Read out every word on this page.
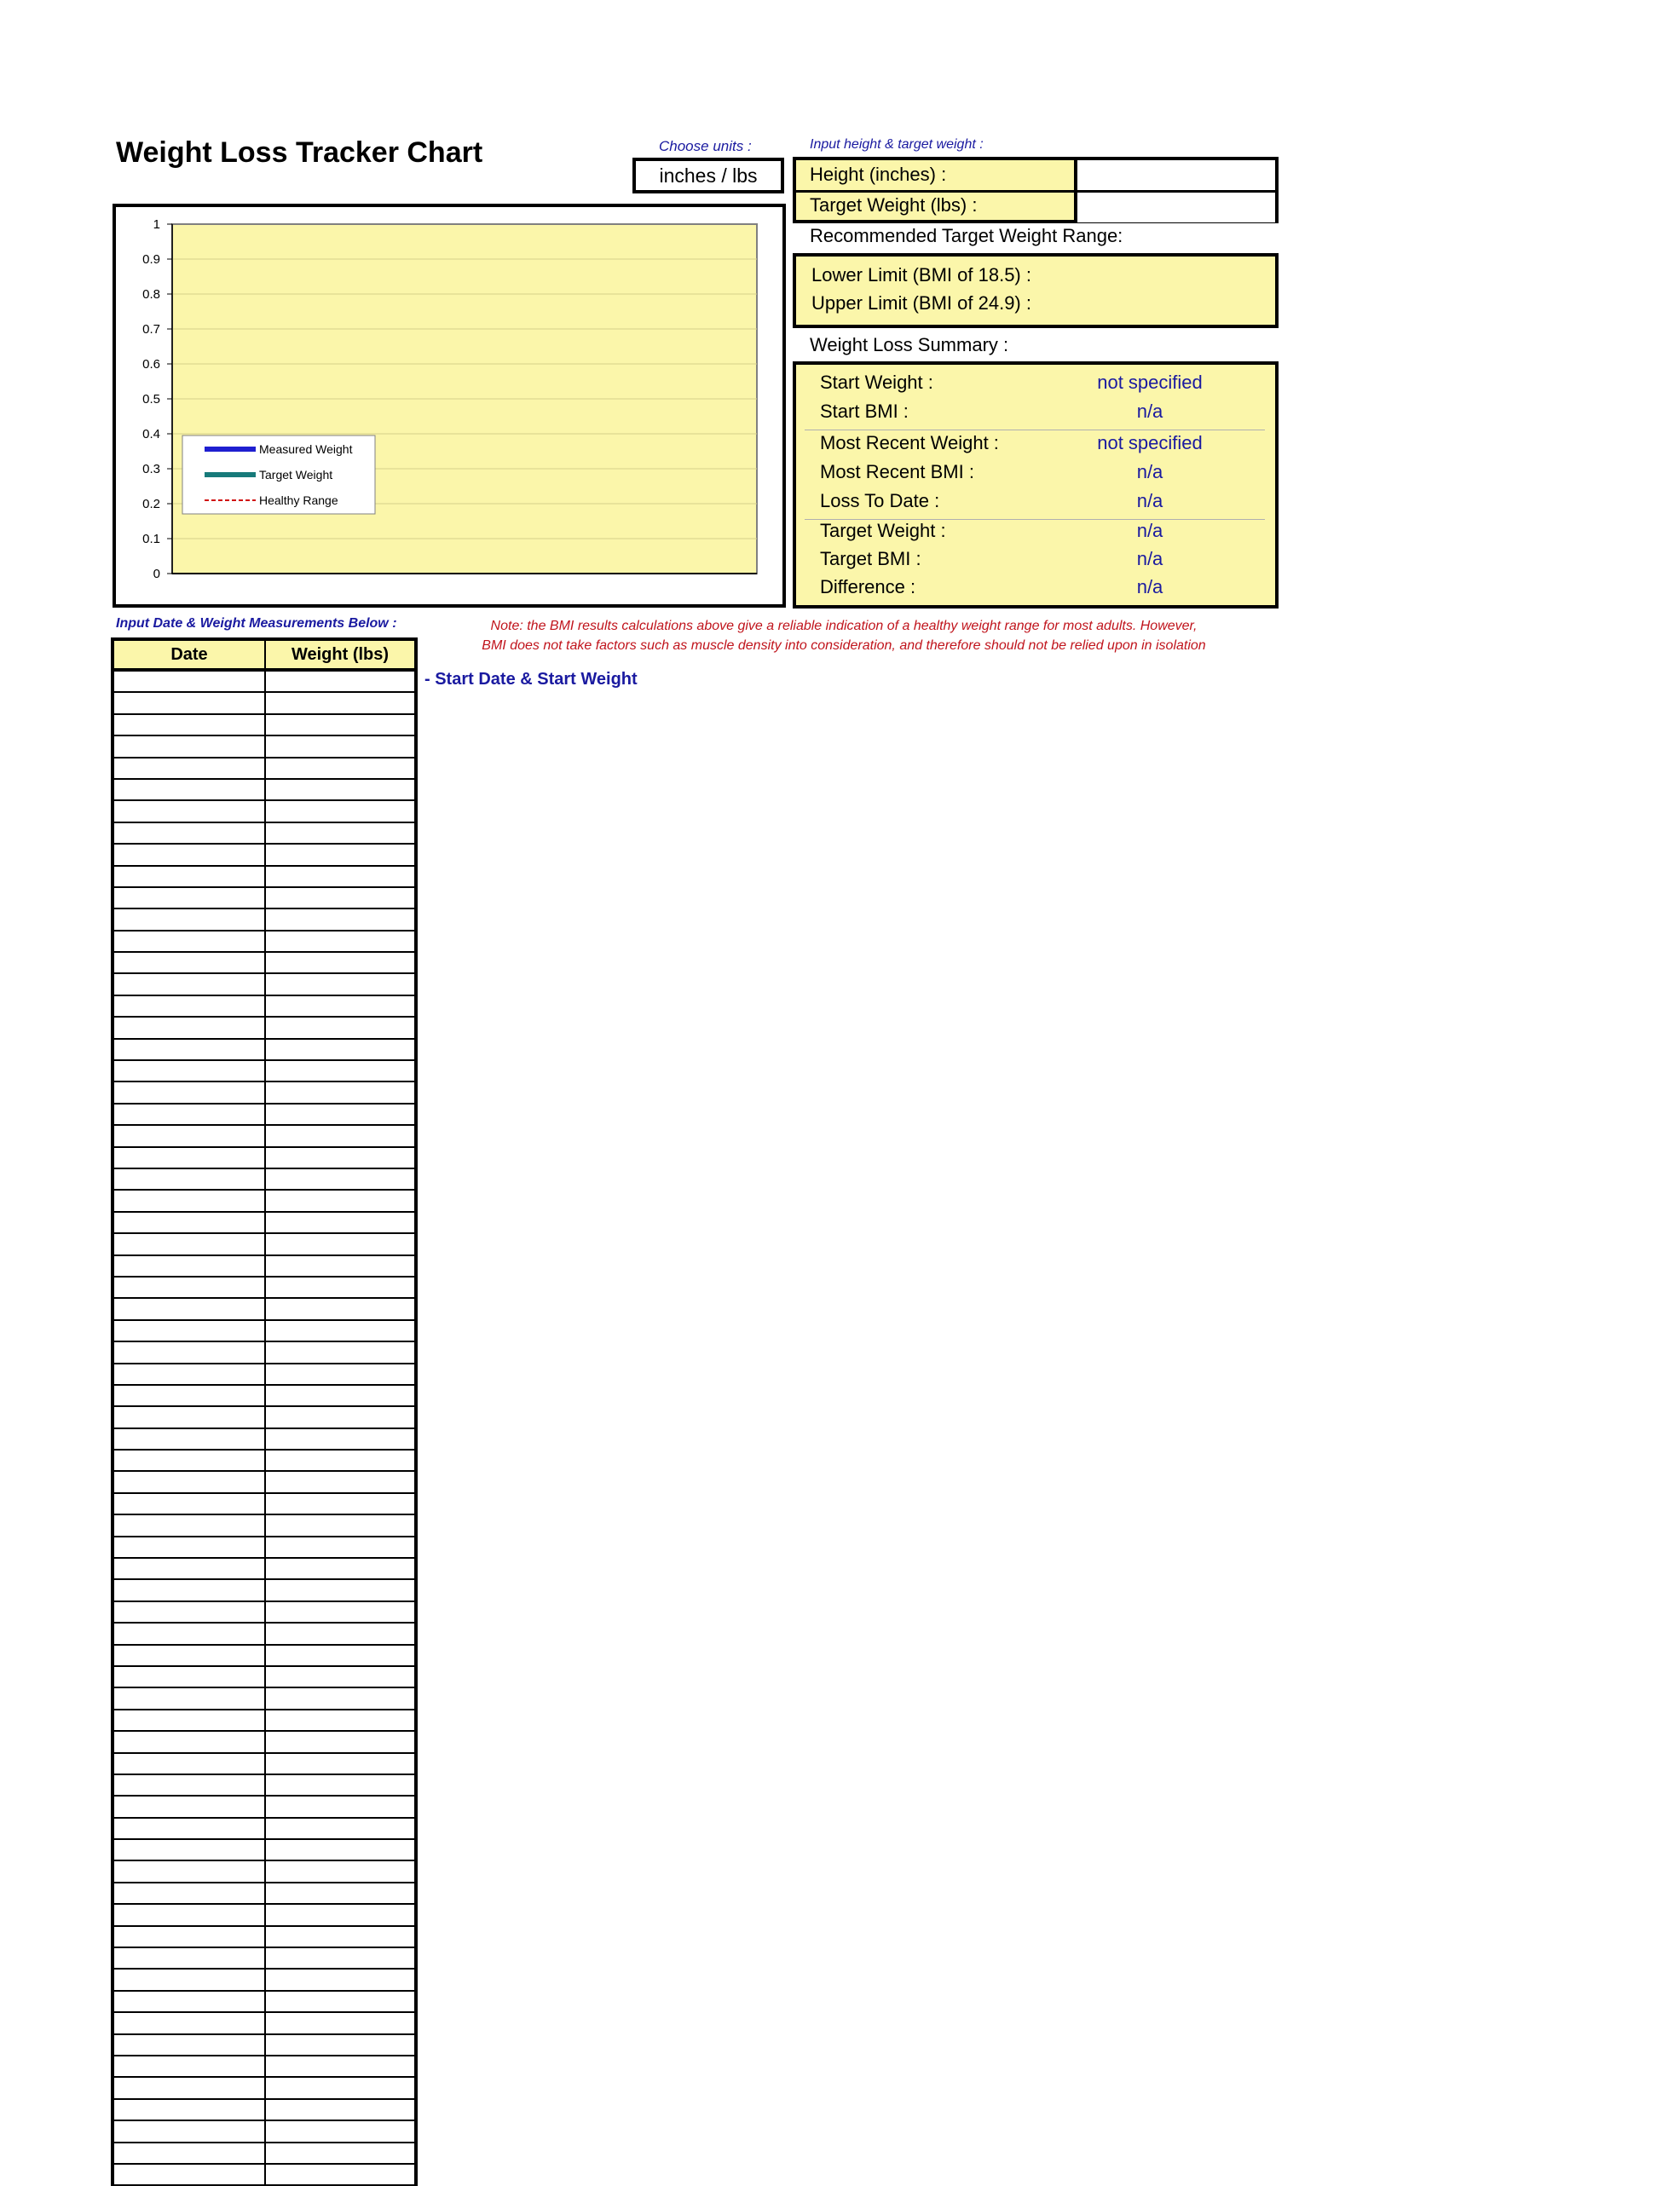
Weight Loss Tracker Chart	Choose units :
inches / lbs
Input height & target weight :
Height (inches) :
Target Weight (lbs) :
Recommended Target Weight Range:
Lower Limit (BMI of 18.5) :
Upper Limit (BMI of 24.9) :
Weight Loss Summary :
Start Weight :	not specified
Start BMI :	n/a
Most Recent Weight :	not specified
Most Recent BMI :	n/a
Loss To Date :	n/a
Target Weight :	n/a
Target BMI :	n/a
Difference :	n/a
1
0.9
0.8
0.7
0.6
0.5
0.4
0.3
0.2
0.1
0
Measured Weight
Target Weight
Healthy Range
Note: the BMI results calculations above give a reliable indication of a healthy weight range for most adults. However,
BMI does not take factors such as muscle density into consideration, and therefore should not be relied upon in isolation
Input Date & Weight Measurements Below :
- Start Date & Start Weight
Date	Weight (lbs)
